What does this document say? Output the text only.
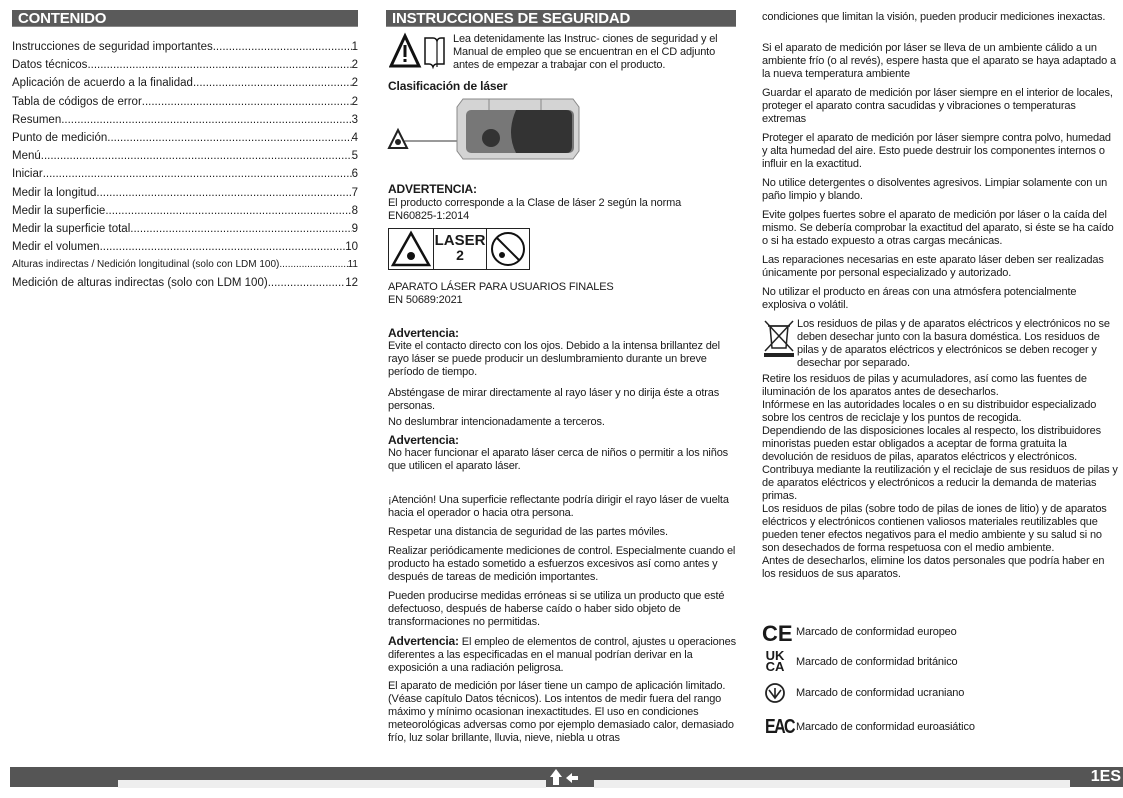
CONTENIDO
Instrucciones de seguridad importantes .....	1
Datos técnicos .....	2
Aplicación de acuerdo a la finalidad .....	2
Tabla de códigos de error .....	2
Resumen .....	3
Punto de medición .....	4
Menú .....	5
Iniciar .....	6
Medir la longitud .....	7
Medir la superficie .....	8
Medir la superficie total .....	9
Medir el volumen .....	10
Alturas indirectas / Nedición longitudinal (solo con LDM 100) .....	11
Medición de alturas indirectas (solo con LDM 100) .....	12
INSTRUCCIONES DE SEGURIDAD IMPORTANTES
Lea detenidamente las Instruc- ciones de seguridad y el Manual de empleo que se encuentran en el CD adjunto antes de empezar a trabajar con el producto.
Clasificación de láser
ADVERTENCIA:
El producto corresponde a la Clase de láser 2 según la norma EN60825-1:2014
LASER
2
APARATO LÁSER PARA USUARIOS FINALES
EN 50689:2021
Advertencia:
Evite el contacto directo con los ojos. Debido a la intensa brillantez del rayo láser se puede producir un deslumbramiento durante un breve período de tiempo.
Absténgase de mirar directamente al rayo láser y no dirija éste a otras personas.
No deslumbrar intencionadamente a terceros.
Advertencia:
No hacer funcionar el aparato láser cerca de niños o permitir a los niños que utilicen el aparato láser.
¡Atención! Una superficie reflectante podría dirigir el rayo láser de vuelta hacia el operador o hacia otra persona.
Respetar una distancia de seguridad de las partes móviles.
Realizar periódicamente mediciones de control. Especialmente cuando el producto ha estado sometido a esfuerzos excesivos así como antes y después de tareas de medición importantes.
Pueden producirse medidas erróneas si se utiliza un producto que esté defectuoso, después de haberse caído o haber sido objeto de transformaciones no permitidas.
Advertencia: El empleo de elementos de control, ajustes u operaciones diferentes a las especificadas en el manual podrían derivar en la exposición a una radiación peligrosa.
El aparato de medición por láser tiene un campo de aplicación limitado. (Véase capítulo Datos técnicos). Los intentos de medir fuera del rango máximo y mínimo ocasionan inexactitudes. El uso en condiciones meteorológicas adversas como por ejemplo demasiado calor, demasiado frío, luz solar brillante, lluvia, nieve, niebla u otras
condiciones que limitan la visión, pueden producir mediciones inexactas.
Si el aparato de medición por láser se lleva de un ambiente cálido a un ambiente frío (o al revés), espere hasta que el aparato se haya adaptado a la nueva temperatura ambiente
Guardar el aparato de medición por láser siempre en el interior de locales, proteger el aparato contra sacudidas y vibraciones o temperaturas extremas
Proteger el aparato de medición por láser siempre contra polvo, humedad y alta humedad del aire. Esto puede destruir los componentes internos o influir en la exactitud.
No utilice detergentes o disolventes agresivos. Limpiar solamente con un paño limpio y blando.
Evite golpes fuertes sobre el aparato de medición por láser o la caída del mismo. Se debería comprobar la exactitud del aparato, si éste se ha caído o si ha estado expuesto a otras cargas mecánicas.
Las reparaciones necesarias en este aparato láser deben ser realizadas únicamente por personal especializado y autorizado.
No utilizar el producto en áreas con una atmósfera potencialmente explosiva o volátil.
Los residuos de pilas y de aparatos eléctricos y electrónicos no se deben desechar junto con la basura doméstica. Los residuos de pilas y de aparatos eléctricos y electrónicos se deben recoger y desechar por separado.
Retire los residuos de pilas y acumuladores, así como las fuentes de iluminación de los aparatos antes de desecharlos.
Infórmese en las autoridades locales o en su distribuidor especializado sobre los centros de reciclaje y los puntos de recogida.
Dependiendo de las disposiciones locales al respecto, los distribuidores minoristas pueden estar obligados a aceptar de forma gratuita la devolución de residuos de pilas, aparatos eléctricos y electrónicos.
Contribuya mediante la reutilización y el reciclaje de sus residuos de pilas y de aparatos eléctricos y electrónicos a reducir la demanda de materias primas.
Los residuos de pilas (sobre todo de pilas de iones de litio) y de aparatos eléctricos y electrónicos contienen valiosos materiales reutilizables que pueden tener efectos negativos para el medio ambiente y su salud si no son desechados de forma respetuosa con el medio ambiente.
Antes de desecharlos, elimine los datos personales que podría haber en los residuos de sus aparatos.
CE Marcado de conformidad europeo
UK CA	Marcado de conformidad británico
Marcado de conformidad ucraniano
EAC Marcado de conformidad euroasiático
1ES
